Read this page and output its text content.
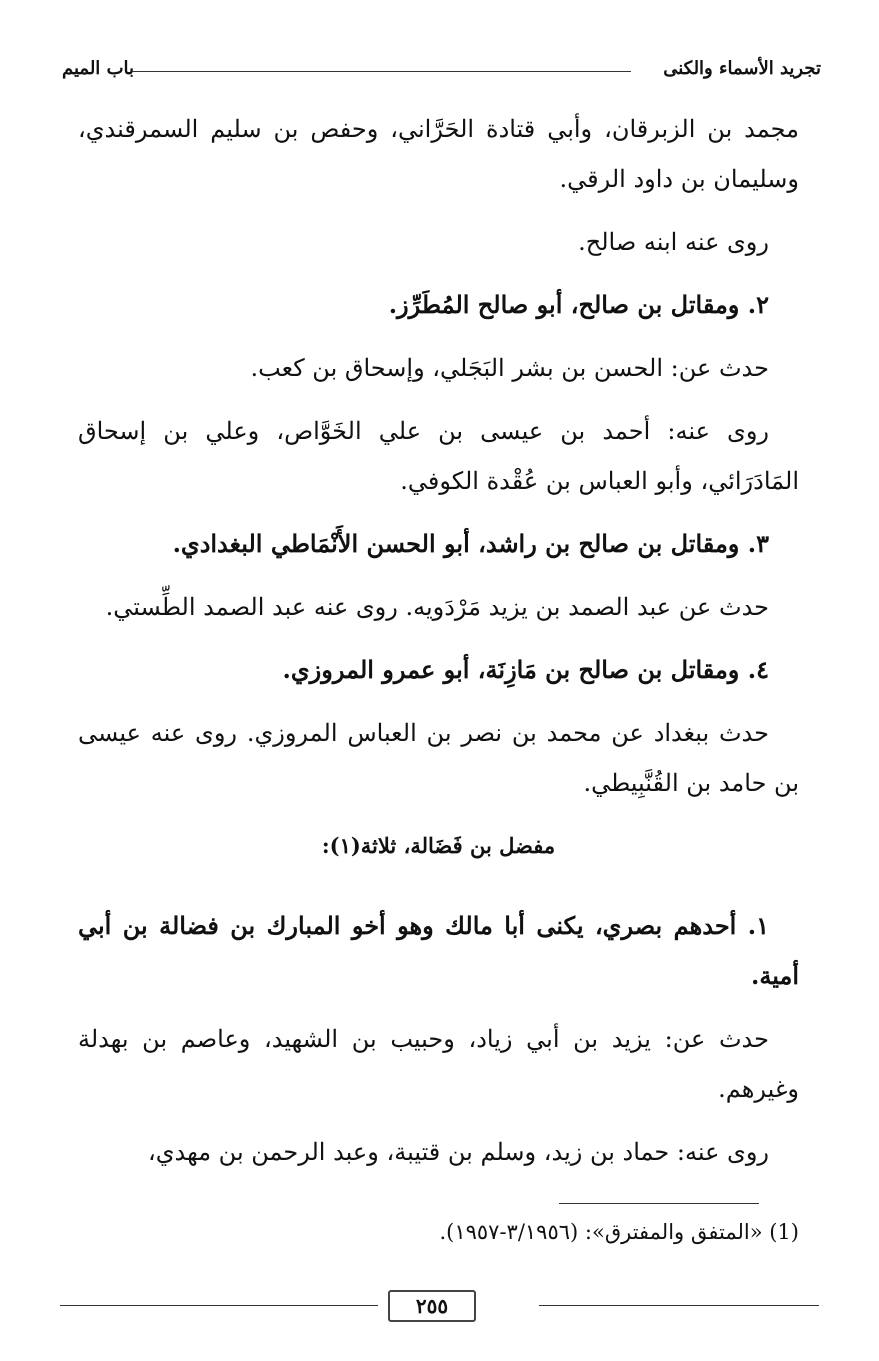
باب الميم	تجريد الأسماء والكنى

مجمد بن الزبرقان، وأبي قتادة الحَرَّاني، وحفص بن سليم السمرقندي، وسليمان بن داود الرقي.

روى عنه ابنه صالح.

٢. ومقاتل بن صالح، أبو صالح المُطَرِّز.

حدث عن: الحسن بن بشر البَجَلي، وإسحاق بن كعب.

روى عنه: أحمد بن عيسى بن علي الخَوَّاص، وعلي بن إسحاق المَادَرَائي، وأبو العباس بن عُقْدة الكوفي.

٣. ومقاتل بن صالح بن راشد، أبو الحسن الأَنْمَاطي البغدادي.

حدث عن عبد الصمد بن يزيد مَرْدَويه. روى عنه عبد الصمد الطِّستي.

٤. ومقاتل بن صالح بن مَازِنَة، أبو عمرو المروزي.

حدث ببغداد عن محمد بن نصر بن العباس المروزي. روى عنه عيسى بن حامد بن القُنَّبِيطي.

مفضل بن فَضَالة، ثلاثة(١):

١. أحدهم بصري، يكنى أبا مالك وهو أخو المبارك بن فضالة بن أبي أمية.

حدث عن: يزيد بن أبي زياد، وحبيب بن الشهيد، وعاصم بن بهدلة وغيرهم.

روى عنه: حماد بن زيد، وسلم بن قتيبة، وعبد الرحمن بن مهدي،

(1) «المتفق والمفترق»: (٣/١٩٥٦-١٩٥٧).
٢٥٥
